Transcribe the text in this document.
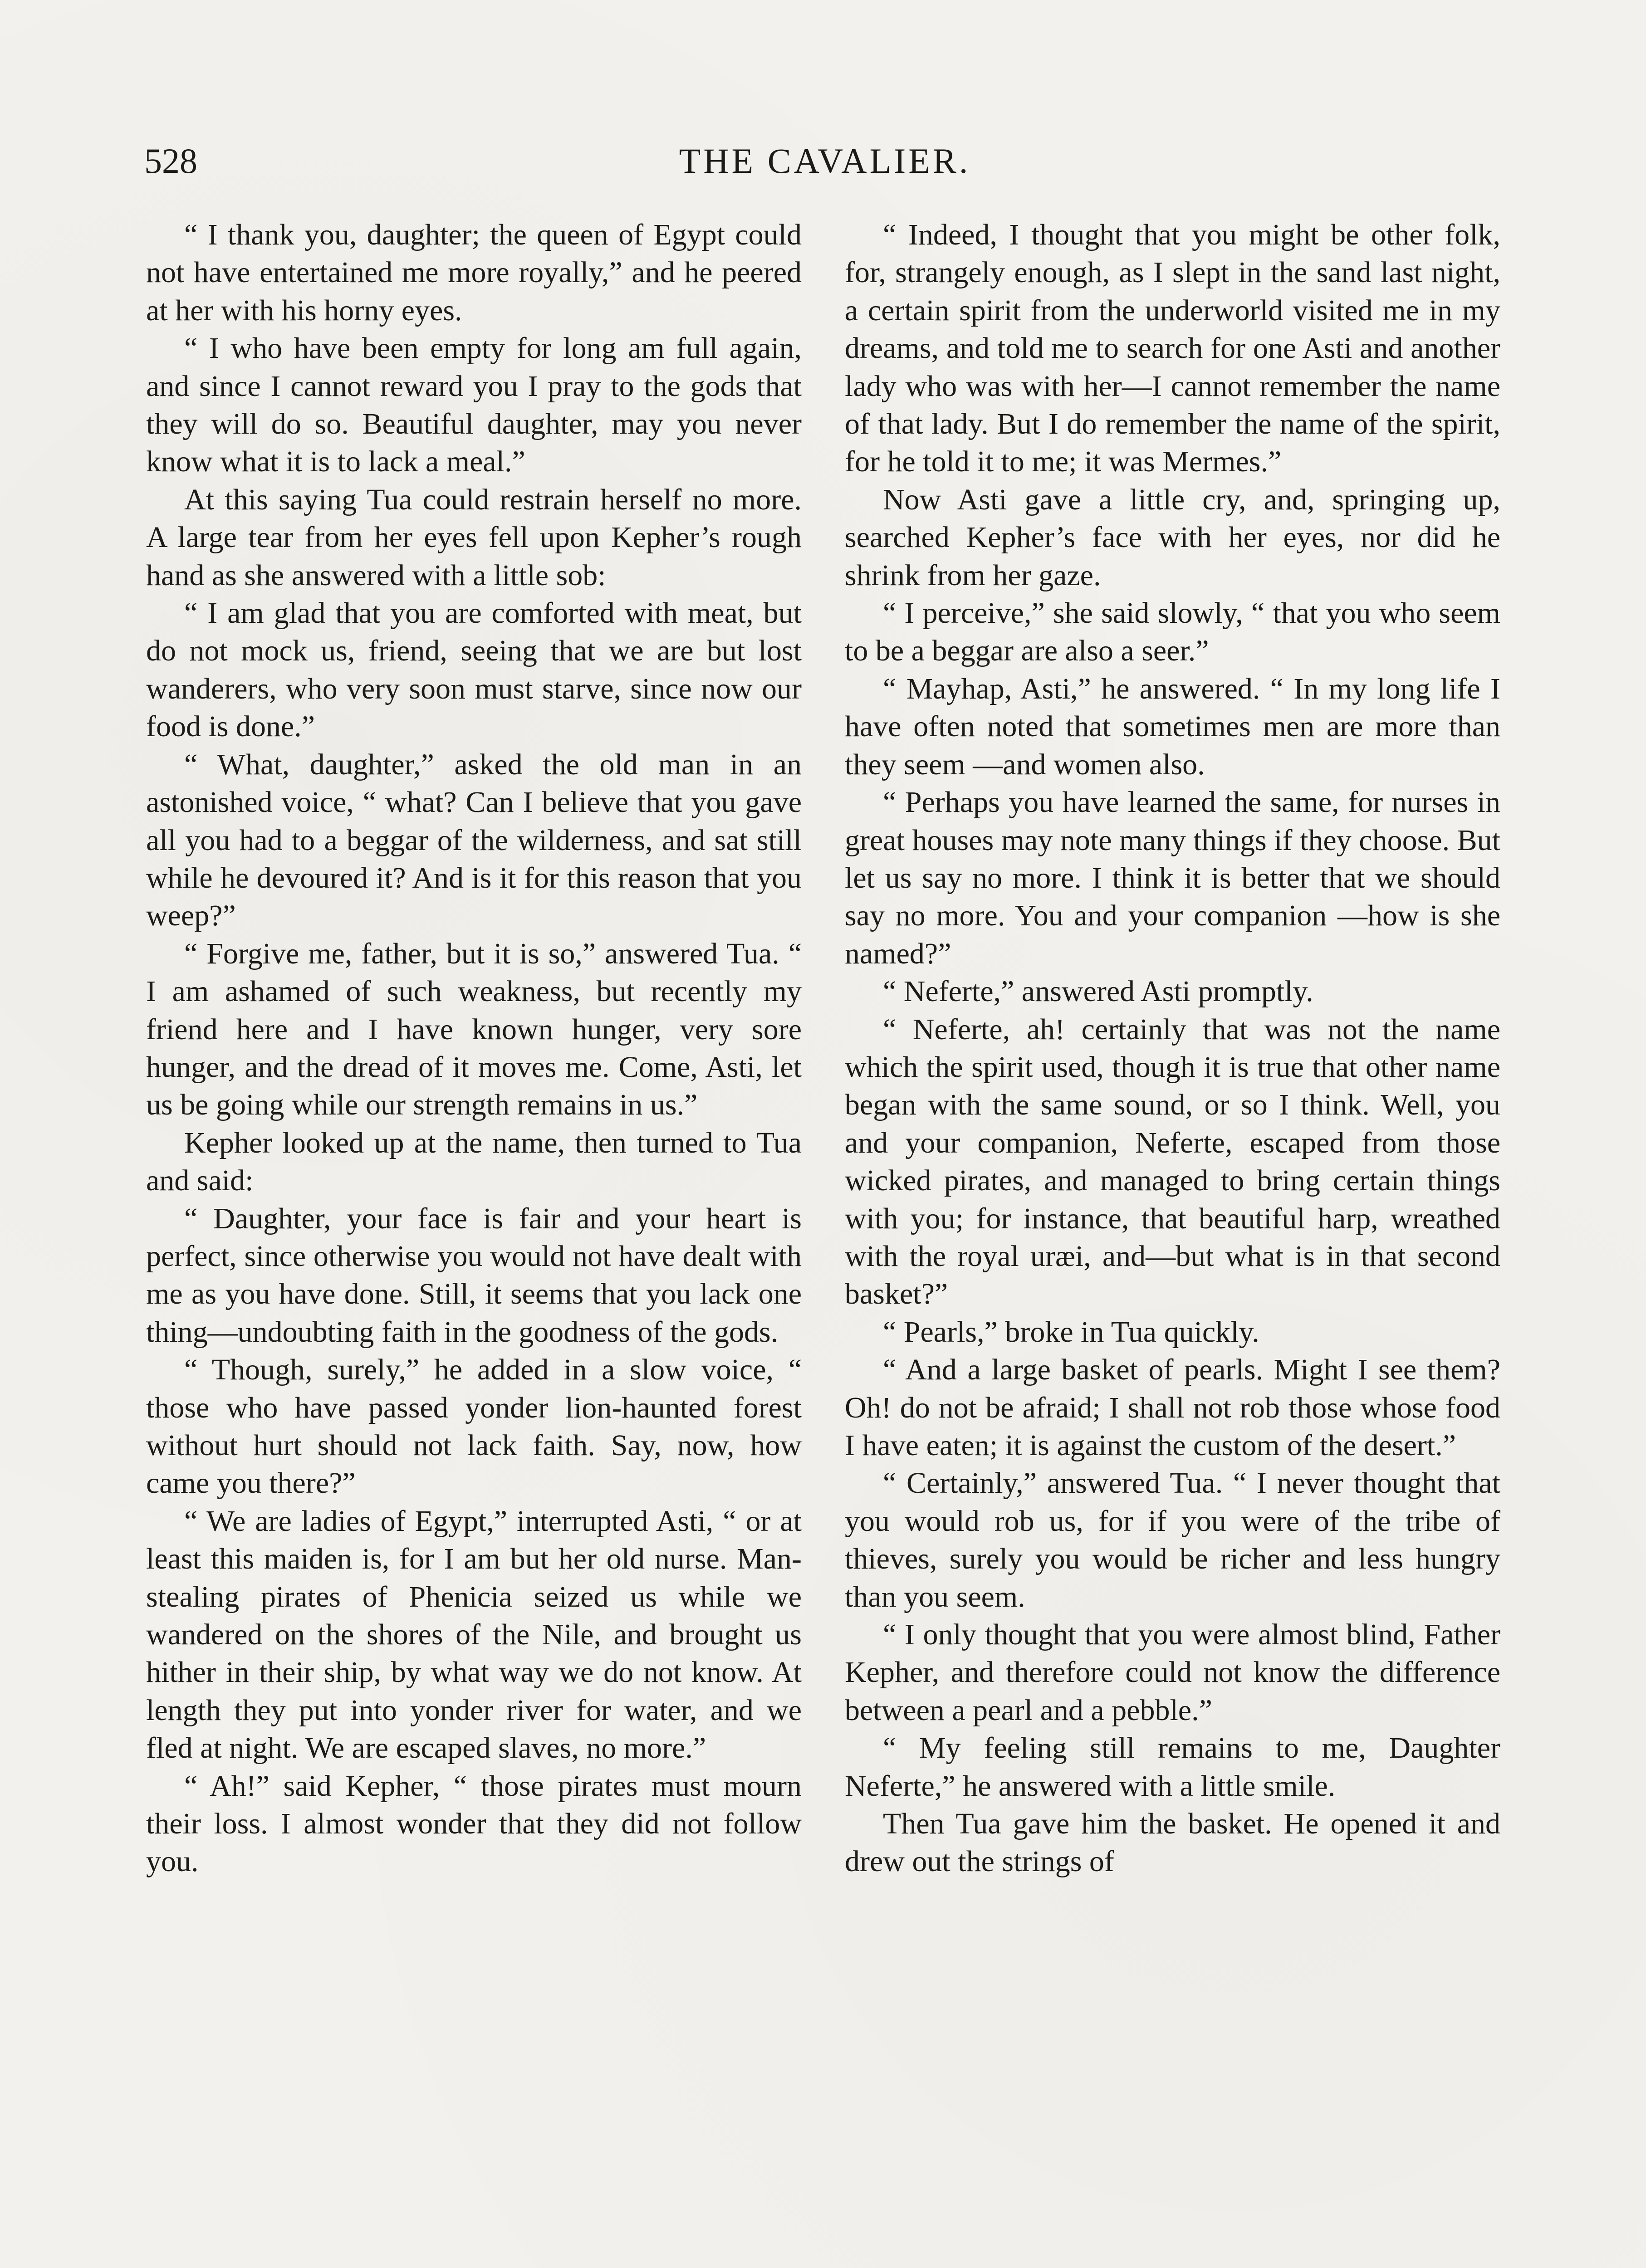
528	THE CAVALIER.

“ I thank you, daughter; the queen of Egypt could not have entertained me more royally,” and he peered at her with his horny eyes.

“ I who have been empty for long am full again, and since I cannot reward you I pray to the gods that they will do so. Beautiful daughter, may you never know what it is to lack a meal.”

At this saying Tua could restrain herself no more. A large tear from her eyes fell upon Kepher’s rough hand as she answered with a little sob:

“ I am glad that you are comforted with meat, but do not mock us, friend, seeing that we are but lost wanderers, who very soon must starve, since now our food is done.”

“ What, daughter,” asked the old man in an astonished voice, “ what? Can I believe that you gave all you had to a beggar of the wilderness, and sat still while he devoured it? And is it for this reason that you weep?”

“ Forgive me, father, but it is so,” answered Tua. “ I am ashamed of such weakness, but recently my friend here and I have known hunger, very sore hunger, and the dread of it moves me. Come, Asti, let us be going while our strength remains in us.”

Kepher looked up at the name, then turned to Tua and said:

“ Daughter, your face is fair and your heart is perfect, since otherwise you would not have dealt with me as you have done. Still, it seems that you lack one thing—undoubting faith in the goodness of the gods.

“ Though, surely,” he added in a slow voice, “ those who have passed yonder lion-haunted forest without hurt should not lack faith. Say, now, how came you there?”

“ We are ladies of Egypt,” interrupted Asti, “ or at least this maiden is, for I am but her old nurse. Man-stealing pirates of Phenicia seized us while we wandered on the shores of the Nile, and brought us hither in their ship, by what way we do not know. At length they put into yonder river for water, and we fled at night. We are escaped slaves, no more.”

“ Ah!” said Kepher, “ those pirates must mourn their loss. I almost wonder that they did not follow you.

“ Indeed, I thought that you might be other folk, for, strangely enough, as I slept in the sand last night, a certain spirit from the underworld visited me in my dreams, and told me to search for one Asti and another lady who was with her—I cannot remember the name of that lady. But I do remember the name of the spirit, for he told it to me; it was Mermes.”

Now Asti gave a little cry, and, springing up, searched Kepher’s face with her eyes, nor did he shrink from her gaze.

“ I perceive,” she said slowly, “ that you who seem to be a beggar are also a seer.”

“ Mayhap, Asti,” he answered. “ In my long life I have often noted that sometimes men are more than they seem —and women also.

“ Perhaps you have learned the same, for nurses in great houses may note many things if they choose. But let us say no more. I think it is better that we should say no more. You and your companion —how is she named?”

“ Neferte,” answered Asti promptly.

“ Neferte, ah! certainly that was not the name which the spirit used, though it is true that other name began with the same sound, or so I think. Well, you and your companion, Neferte, escaped from those wicked pirates, and managed to bring certain things with you; for instance, that beautiful harp, wreathed with the royal uræi, and—but what is in that second basket?”

“ Pearls,” broke in Tua quickly.

“ And a large basket of pearls. Might I see them? Oh! do not be afraid; I shall not rob those whose food I have eaten; it is against the custom of the desert.”

“ Certainly,” answered Tua. “ I never thought that you would rob us, for if you were of the tribe of thieves, surely you would be richer and less hungry than you seem.

“ I only thought that you were almost blind, Father Kepher, and therefore could not know the difference between a pearl and a pebble.”

“ My feeling still remains to me, Daughter Neferte,” he answered with a little smile.

Then Tua gave him the basket. He opened it and drew out the strings of
